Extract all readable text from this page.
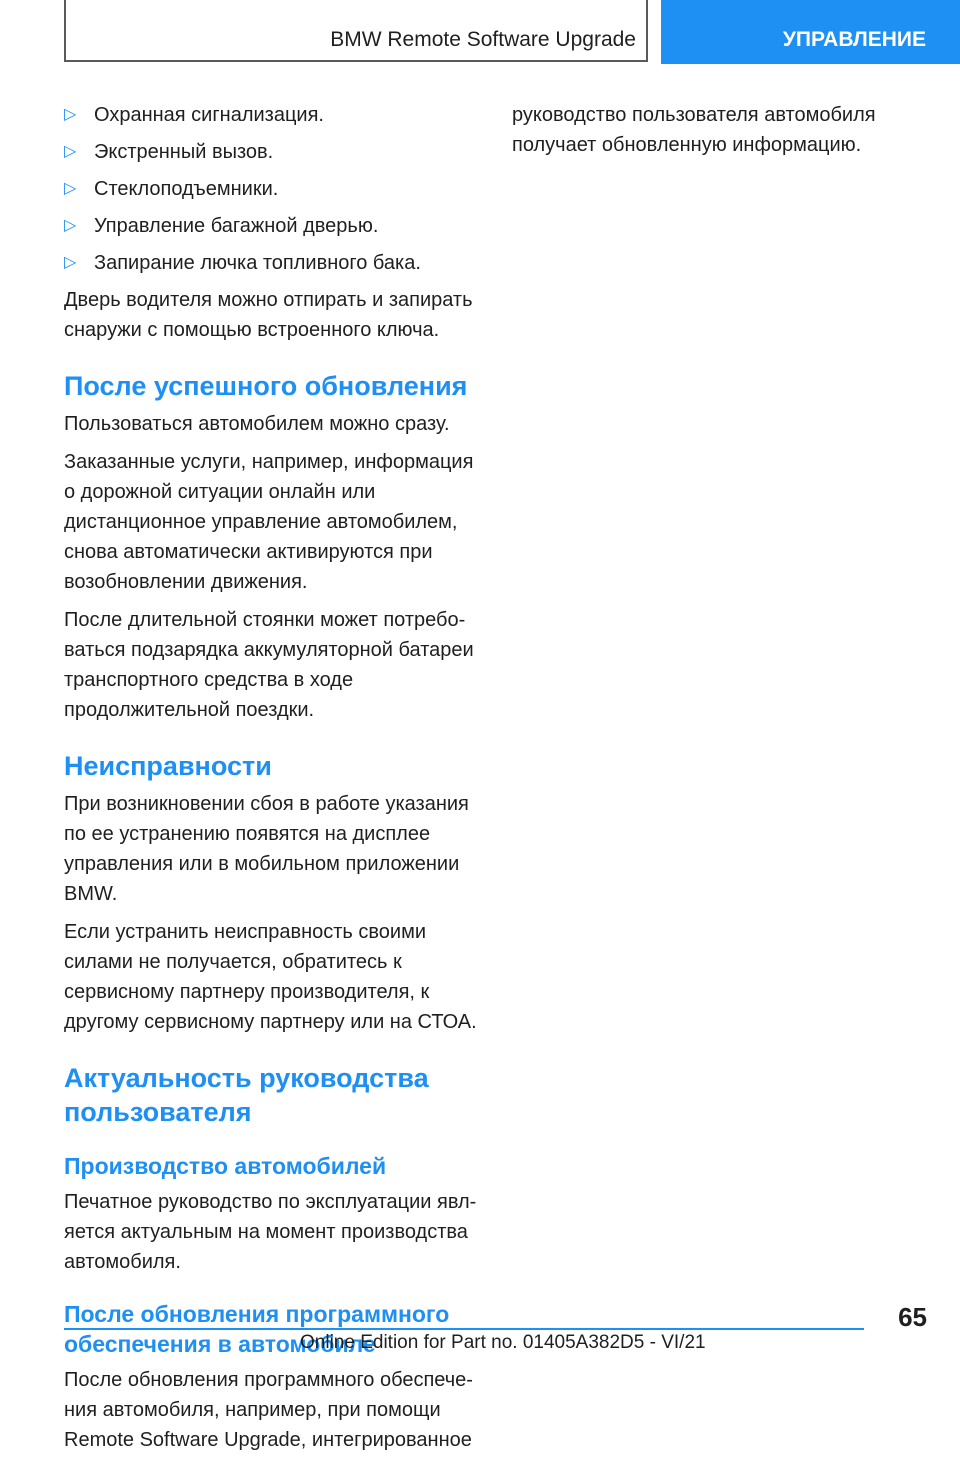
BMW Remote Software Upgrade	УПРАВЛЕНИЕ
▷ Охранная сигнализация.
▷ Экстренный вызов.
▷ Стеклоподъемники.
▷ Управление багажной дверью.
▷ Запирание лючка топливного бака.

Дверь водителя можно отпирать и запирать снаружи с помощью встроенного ключа.

После успешного обновления

Пользоваться автомобилем можно сразу.

Заказанные услуги, например, информация о дорожной ситуации онлайн или дистанционное управление автомобилем, снова автоматически активируются при возобновлении движения.

После длительной стоянки может потребоваться подзарядка аккумуляторной батареи транспортного средства в ходе продолжительной поездки.

Неисправности

При возникновении сбоя в работе указания по ее устранению появятся на дисплее управления или в мобильном приложении BMW.

Если устранить неисправность своими силами не получается, обратитесь к сервисному партнеру производителя, к другому сервисному партнеру или на СТОА.

Актуальность руководства пользователя
Производство автомобилей

Печатное руководство по эксплуатации является актуальным на момент производства автомобиля.

После обновления программного обеспечения в автомобиле

После обновления программного обеспечения автомобиля, например, при помощи Remote Software Upgrade, интегрированное

руководство пользователя автомобиля получает обновленную информацию.

65
Online Edition for Part no. 01405A382D5 - VI/21
